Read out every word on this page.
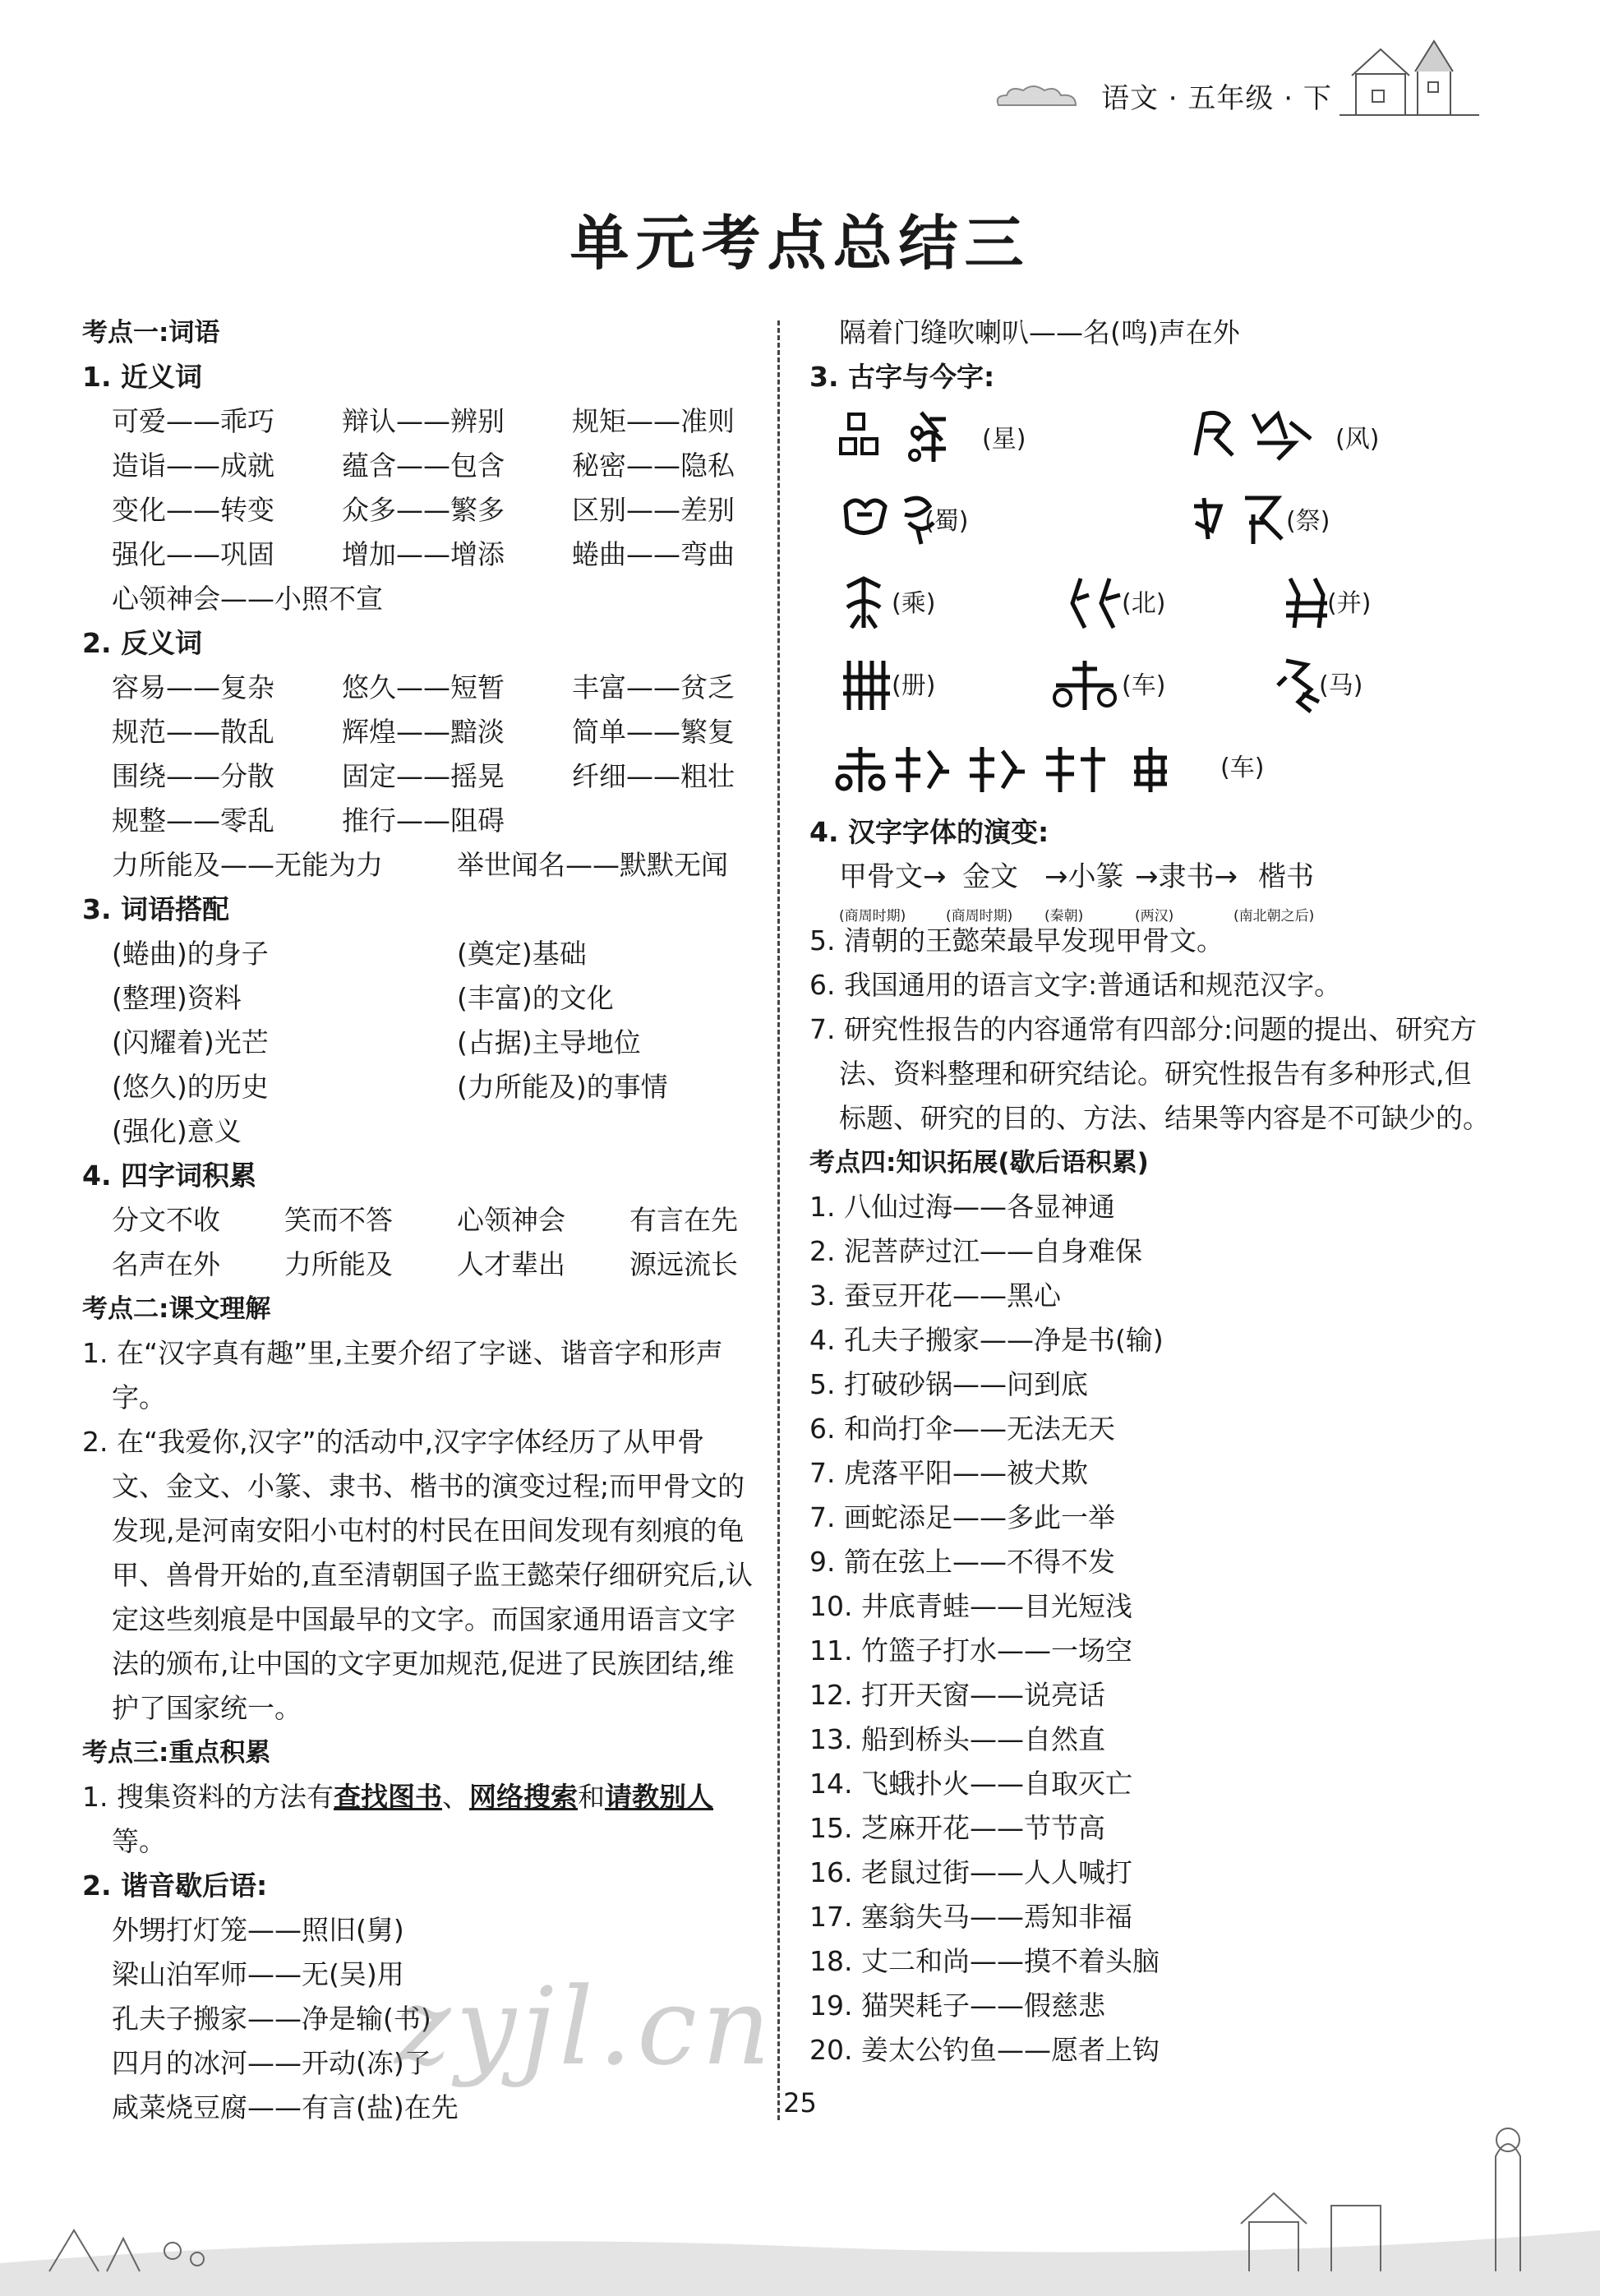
语文 · 五年级 · 下
单元考点总结三
考点一:词语
1. 近义词
可爱——乖巧 辩认——辨别 规矩——准则
造诣——成就 蕴含——包含 秘密——隐私
变化——转变 众多——繁多 区别——差别
强化——巩固 增加——增添 蜷曲——弯曲
心领神会——小照不宣
2. 反义词
容易——复杂 悠久——短暂 丰富——贫乏
规范——散乱 辉煌——黯淡 简单——繁复
围绕——分散 固定——摇晃 纤细——粗壮
规整——零乱 推行——阻碍
力所能及——无能为力	举世闻名——默默无闻
3. 词语搭配
(蜷曲)的身子	(奠定)基础
(整理)资料	(丰富)的文化
(闪耀着)光芒	(占据)主导地位
(悠久)的历史	(力所能及)的事情
(强化)意义
4. 四字词积累
分文不收 笑而不答 心领神会 有言在先
名声在外 力所能及 人才辈出 源远流长
考点二:课文理解
1. 在“汉字真有趣”里,主要介绍了字谜、谐音字和形声字。
2. 在“我爱你,汉字”的活动中,汉字字体经历了从甲骨文、金文、小篆、隶书、楷书的演变过程;而甲骨文的发现,是河南安阳小屯村的村民在田间发现有刻痕的龟甲、兽骨开始的,直至清朝国子监王懿荣仔细研究后,认定这些刻痕是中国最早的文字。而国家通用语言文字法的颁布,让中国的文字更加规范,促进了民族团结,维护了国家统一。
考点三:重点积累
1. 搜集资料的方法有查找图书、网络搜索和请教别人等。
2. 谐音歇后语:
外甥打灯笼——照旧(舅)
梁山泊军师——无(吴)用
孔夫子搬家——净是输(书)
四月的冰河——开动(冻)了
咸菜烧豆腐——有言(盐)在先
隔着门缝吹喇叭——名(鸣)声在外
3. 古字与今字:
(星)	(风)
(蜀)	(祭)
(乘)	(北)	(并)
(册)	(车)	(马)
(车)
4. 汉字字体的演变:
甲骨文→ 金文 →小篆 →隶书→ 楷书
(商周时期)	(商周时期) (秦朝)	(两汉)	(南北朝之后)
5. 清朝的王懿荣最早发现甲骨文。
6. 我国通用的语言文字:普通话和规范汉字。
7. 研究性报告的内容通常有四部分:问题的提出、研究方法、资料整理和研究结论。研究性报告有多种形式,但标题、研究的目的、方法、结果等内容是不可缺少的。
考点四:知识拓展(歇后语积累)
1. 八仙过海——各显神通
2. 泥菩萨过江——自身难保
3. 蚕豆开花——黑心
4. 孔夫子搬家——净是书(输)
5. 打破砂锅——问到底
6. 和尚打伞——无法无天
7. 虎落平阳——被犬欺
7. 画蛇添足——多此一举
9. 箭在弦上——不得不发
10. 井底青蛙——目光短浅
11. 竹篮子打水——一场空
12. 打开天窗——说亮话
13. 船到桥头——自然直
14. 飞蛾扑火——自取灭亡
15. 芝麻开花——节节高
16. 老鼠过街——人人喊打
17. 塞翁失马——焉知非福
18. 丈二和尚——摸不着头脑
19. 猫哭耗子——假慈悲
20. 姜太公钓鱼——愿者上钩
zyjl.cn
25
